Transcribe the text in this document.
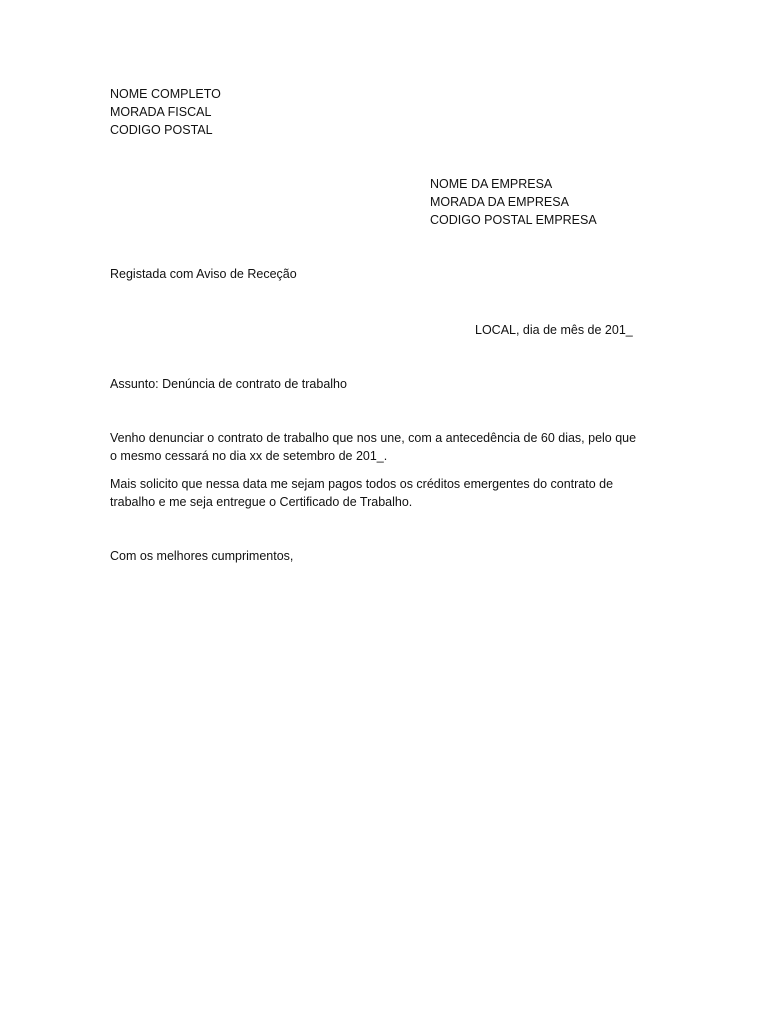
NOME COMPLETO
MORADA FISCAL
CODIGO POSTAL
NOME DA EMPRESA
MORADA DA EMPRESA
CODIGO POSTAL EMPRESA
Registada com Aviso de Receção
LOCAL, dia de mês de 201_
Assunto: Denúncia de contrato de trabalho
Venho denunciar o contrato de trabalho que nos une, com a antecedência de 60 dias, pelo que
o mesmo cessará no dia xx de setembro de 201_.
Mais solicito que nessa data me sejam pagos todos os créditos emergentes do contrato de
trabalho e me seja entregue o Certificado de Trabalho.
Com os melhores cumprimentos,
